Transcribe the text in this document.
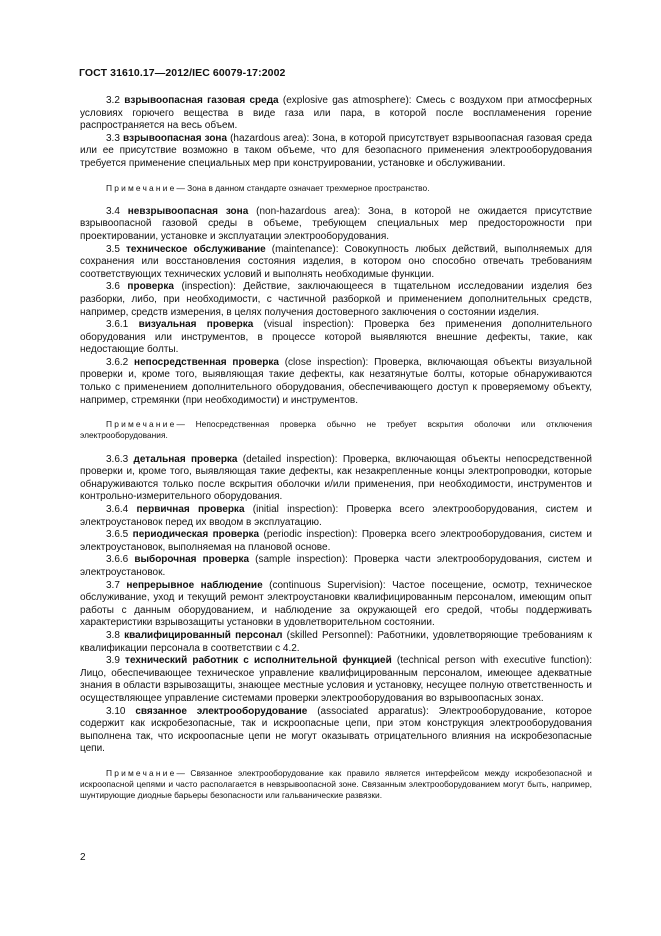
ГОСТ 31610.17—2012/IEC 60079-17:2002

3.2 взрывоопасная газовая среда (explosive gas atmosphere): Смесь с воздухом при атмосферных условиях горючего вещества в виде газа или пара, в которой после воспламенения горение распространяется на весь объем.

3.3 взрывоопасная зона (hazardous area): Зона, в которой присутствует взрывоопасная газовая среда или ее присутствие возможно в таком объеме, что для безопасного применения электрооборудования требуется применение специальных мер при конструировании, установке и обслуживании.

Примечание— Зона в данном стандарте означает трехмерное пространство.

3.4 невзрывоопасная зона (non-hazardous area): Зона, в которой не ожидается присутствие взрывоопасной газовой среды в объеме, требующем специальных мер предосторожности при проектировании, установке и эксплуатации электрооборудования.

3.5 техническое обслуживание (maintenance): Совокупность любых действий, выполняемых для сохранения или восстановления состояния изделия, в котором оно способно отвечать требованиям соответствующих технических условий и выполнять необходимые функции.

3.6 проверка (inspection): Действие, заключающееся в тщательном исследовании изделия без разборки, либо, при необходимости, с частичной разборкой и применением дополнительных средств, например, средств измерения, в целях получения достоверного заключения о состоянии изделия.

3.6.1 визуальная проверка (visual inspection): Проверка без применения дополнительного оборудования или инструментов, в процессе которой выявляются внешние дефекты, такие, как недостающие болты.

3.6.2 непосредственная проверка (close inspection): Проверка, включающая объекты визуальной проверки и, кроме того, выявляющая такие дефекты, как незатянутые болты, которые обнаруживаются только с применением дополнительного оборудования, обеспечивающего доступ к проверяемому объекту, например, стремянки (при необходимости) и инструментов.

Примечание— Непосредственная проверка обычно не требует вскрытия оболочки или отключения электрооборудования.

3.6.3 детальная проверка (detailed inspection): Проверка, включающая объекты непосредственной проверки и, кроме того, выявляющая такие дефекты, как незакрепленные концы электропроводки, которые обнаруживаются только после вскрытия оболочки и/или применения, при необходимости, инструментов и контрольно-измерительного оборудования.

3.6.4 первичная проверка (initial inspection): Проверка всего электрооборудования, систем и электроустановок перед их вводом в эксплуатацию.

3.6.5 периодическая проверка (periodic inspection): Проверка всего электрооборудования, систем и электроустановок, выполняемая на плановой основе.

3.6.6 выборочная проверка (sample inspection): Проверка части электрооборудования, систем и электроустановок.

3.7 непрерывное наблюдение (continuous Supervision): Частое посещение, осмотр, техническое обслуживание, уход и текущий ремонт электроустановки квалифицированным персоналом, имеющим опыт работы с данным оборудованием, и наблюдение за окружающей его средой, чтобы поддерживать характеристики взрывозащиты установки в удовлетворительном состоянии.

3.8 квалифицированный персонал (skilled Personnel): Работники, удовлетворяющие требованиям к квалификации персонала в соответствии с 4.2.

3.9 технический работник с исполнительной функцией (technical person with executive function): Лицо, обеспечивающее техническое управление квалифицированным персоналом, имеющее адекватные знания в области взрывозащиты, знающее местные условия и установку, несущее полную ответственность и осуществляющее управление системами проверки электрооборудования во взрывоопасных зонах.

3.10 связанное электрооборудование (associated apparatus): Электрооборудование, которое содержит как искробезопасные, так и искроопасные цепи, при этом конструкция электрооборудования выполнена так, что искроопасные цепи не могут оказывать отрицательного влияния на искробезопасные цепи.

Примечание— Связанное электрооборудование как правило является интерфейсом между искробезопасной и искроопасной цепями и часто располагается в невзрывоопасной зоне. Связанным электрооборудованием могут быть, например, шунтирующие диодные барьеры безопасности или гальванические развязки.

2
